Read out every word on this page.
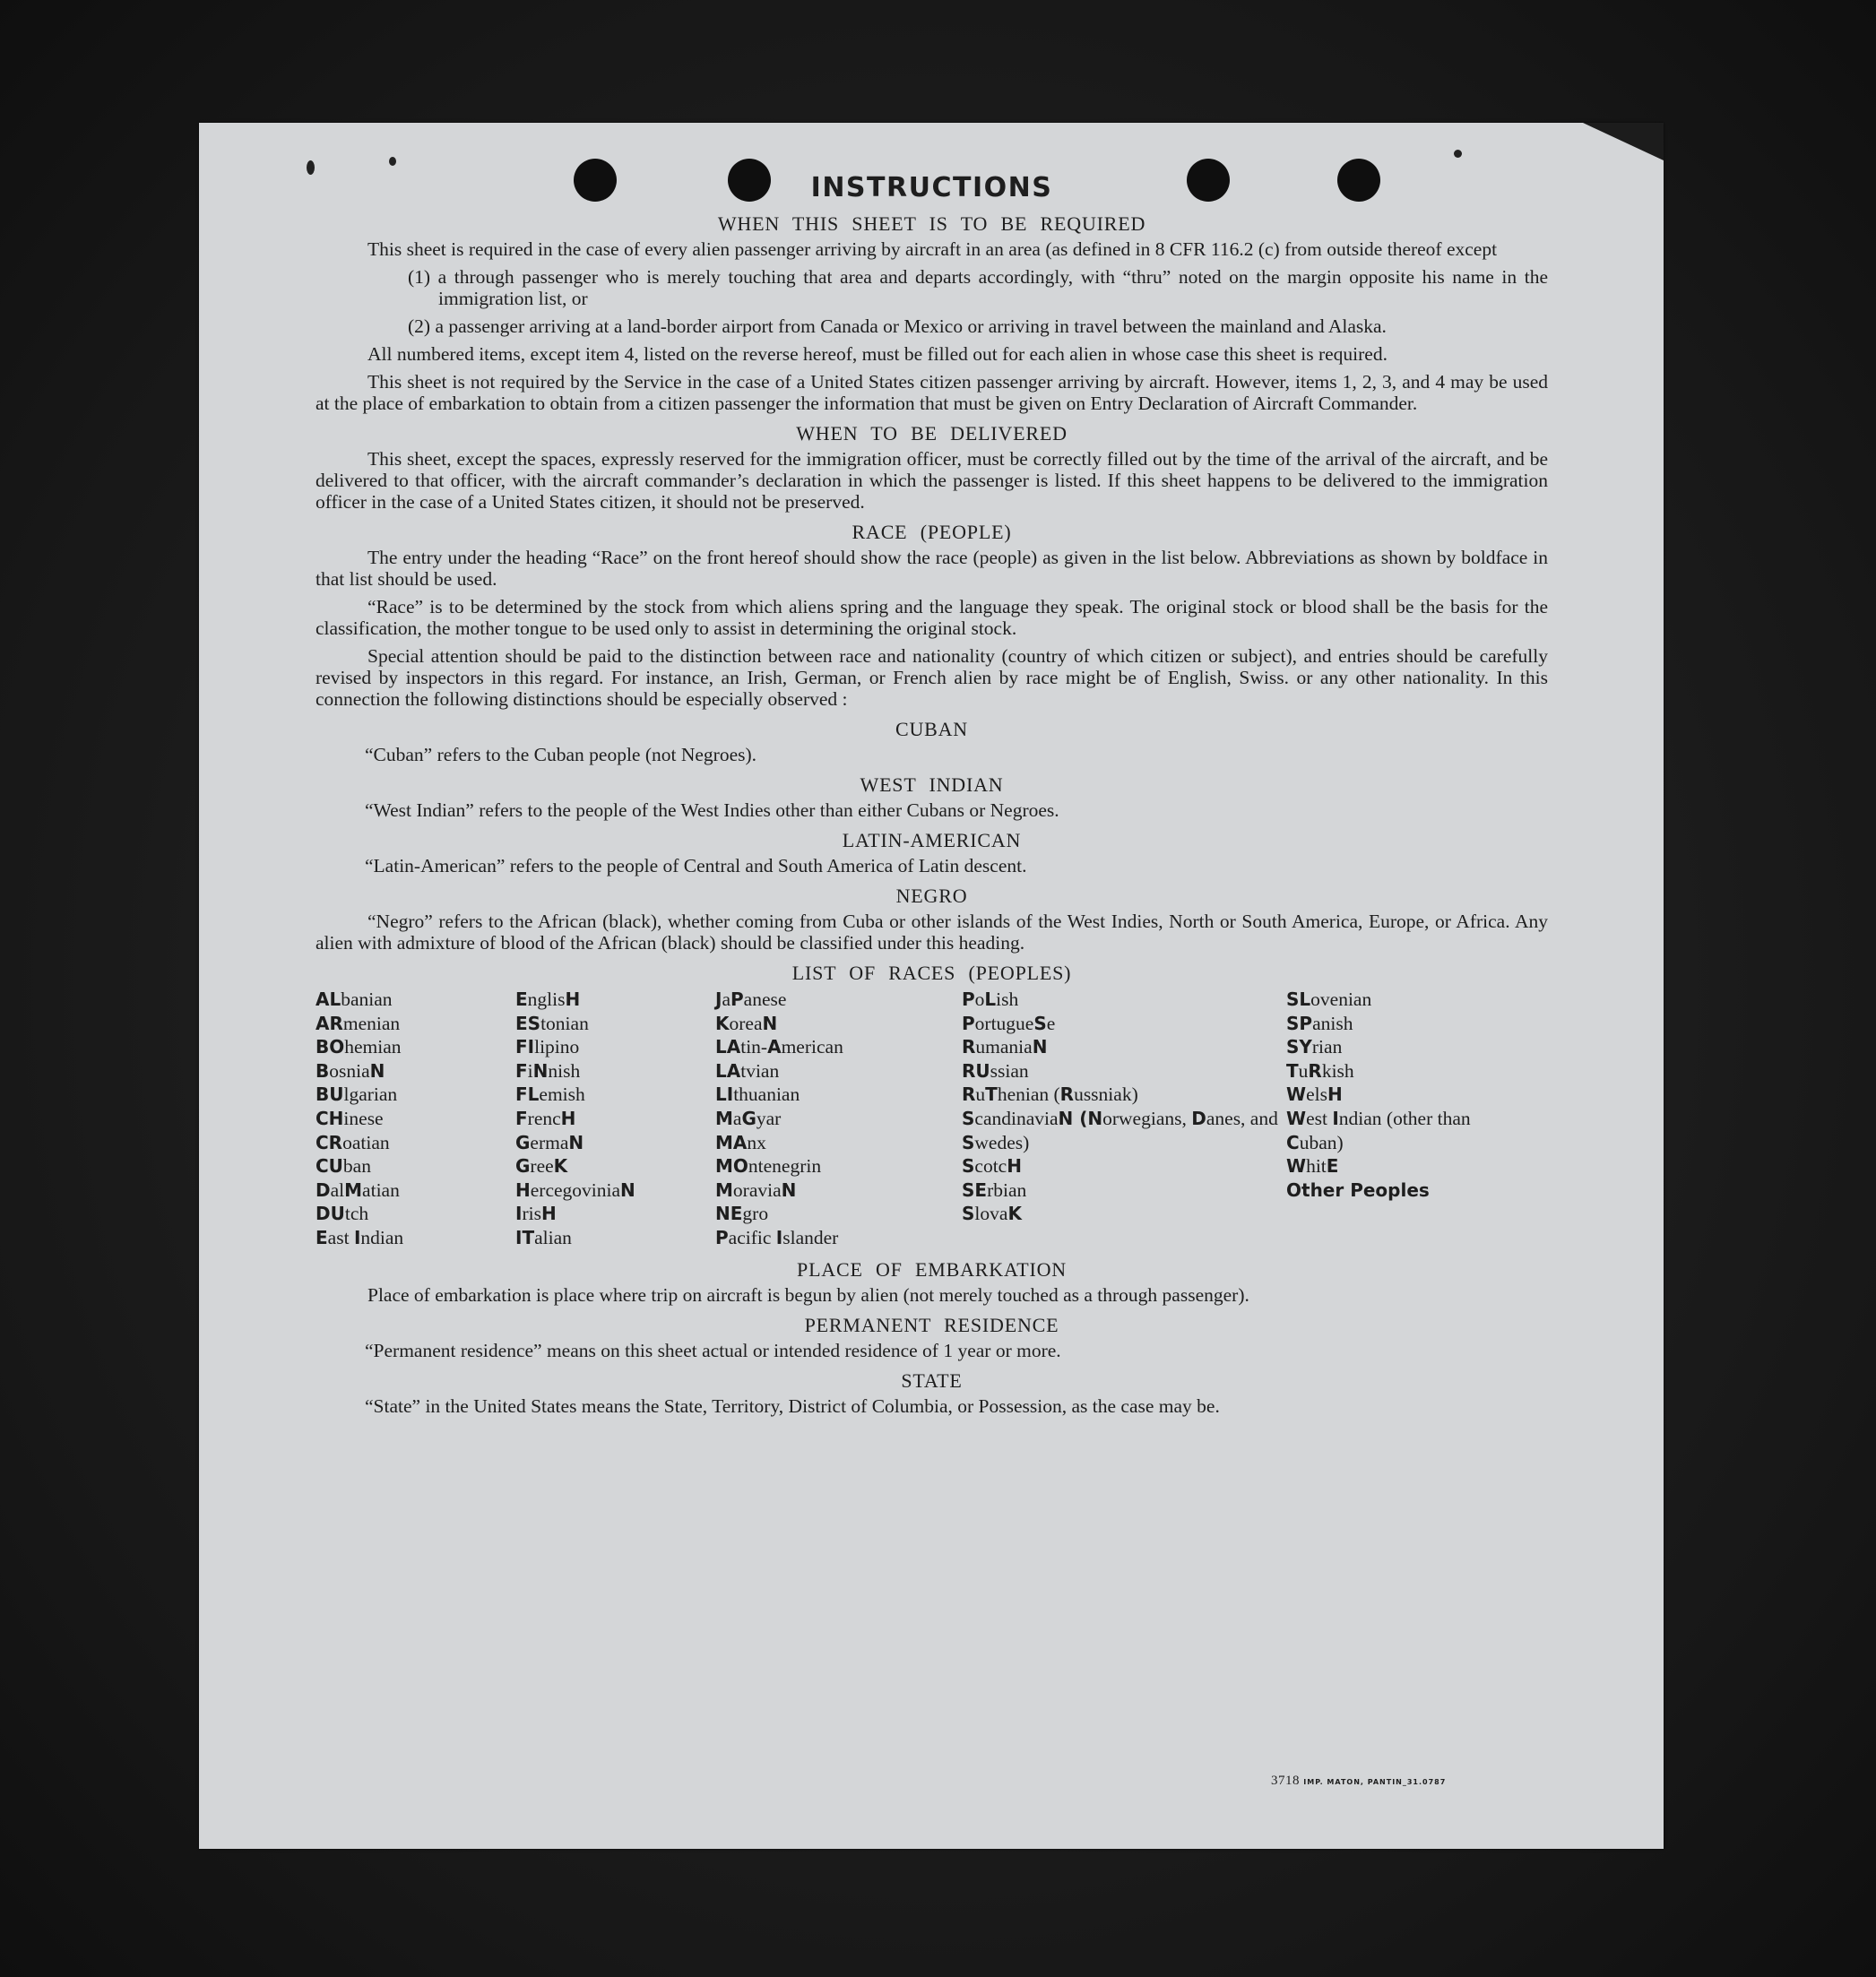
INSTRUCTIONS
WHEN THIS SHEET IS TO BE REQUIRED

This sheet is required in the case of every alien passenger arriving by aircraft in an area (as defined in 8 CFR 116.2 (c) from outside thereof except

(1) a through passenger who is merely touching that area and departs accordingly, with “thru” noted on the margin opposite his name in the immigration list, or
(2) a passenger arriving at a land-border airport from Canada or Mexico or arriving in travel between the mainland and Alaska.

All numbered items, except item 4, listed on the reverse hereof, must be filled out for each alien in whose case this sheet is required.

This sheet is not required by the Service in the case of a United States citizen passenger arriving by aircraft. However, items 1, 2, 3, and 4 may be used at the place of embarkation to obtain from a citizen passenger the information that must be given on Entry Declaration of Aircraft Commander.

WHEN TO BE DELIVERED

This sheet, except the spaces, expressly reserved for the immigration officer, must be correctly filled out by the time of the arrival of the aircraft, and be delivered to that officer, with the aircraft commander’s declaration in which the passenger is listed. If this sheet happens to be delivered to the immigration officer in the case of a United States citizen, it should not be preserved.

RACE (PEOPLE)

The entry under the heading “Race” on the front hereof should show the race (people) as given in the list below. Abbreviations as shown by boldface in that list should be used.

“Race” is to be determined by the stock from which aliens spring and the language they speak. The original stock or blood shall be the basis for the classification, the mother tongue to be used only to assist in determining the original stock.

Special attention should be paid to the distinction between race and nationality (country of which citizen or subject), and entries should be carefully revised by inspectors in this regard. For instance, an Irish, German, or French alien by race might be of English, Swiss. or any other nationality. In this connection the following distinctions should be especially observed :

CUBAN

“Cuban” refers to the Cuban people (not Negroes).

WEST INDIAN

“West Indian” refers to the people of the West Indies other than either Cubans or Negroes.

LATIN-AMERICAN

“Latin-American” refers to the people of Central and South America of Latin descent.

NEGRO

“Negro” refers to the African (black), whether coming from Cuba or other islands of the West Indies, North or South America, Europe, or Africa. Any alien with admixture of blood of the African (black) should be classified under this heading.

LIST OF RACES (PEOPLES)
ALbanian
ARmenian
BOhemian
BosniaN
BUlgarian
CHinese
CRoatian
CUban
DalMatian
DUtch
East Indian
EnglisH
EStonian
FIlipino
FiNnish
FLemish
FrencH
GermaN
GreeK
HercegoviniaN
IrisH
ITalian
JaPanese
KoreaN
LAtin-American
LAtvian
LIthuanian
MaGyar
MAnx
MOntenegrin
MoraviaN
NEgro
Pacific Islander
PoLish
PortugueSe
RumaniaN
RUssian
RuThenian (Russniak)
ScandinaviaN (Norwegians, Danes, and Swedes)
ScotcH
SErbian
SlovaK
SLovenian
SPanish
SYrian
TuRkish
WelsH
West Indian (other than Cuban)
WhitE
Other Peoples
PLACE OF EMBARKATION

Place of embarkation is place where trip on aircraft is begun by alien (not merely touched as a through passenger).

PERMANENT RESIDENCE

“Permanent residence” means on this sheet actual or intended residence of 1 year or more.

STATE

“State” in the United States means the State, Territory, District of Columbia, or Possession, as the case may be.

3718 IMP. MATON, PANTIN_31.0787
